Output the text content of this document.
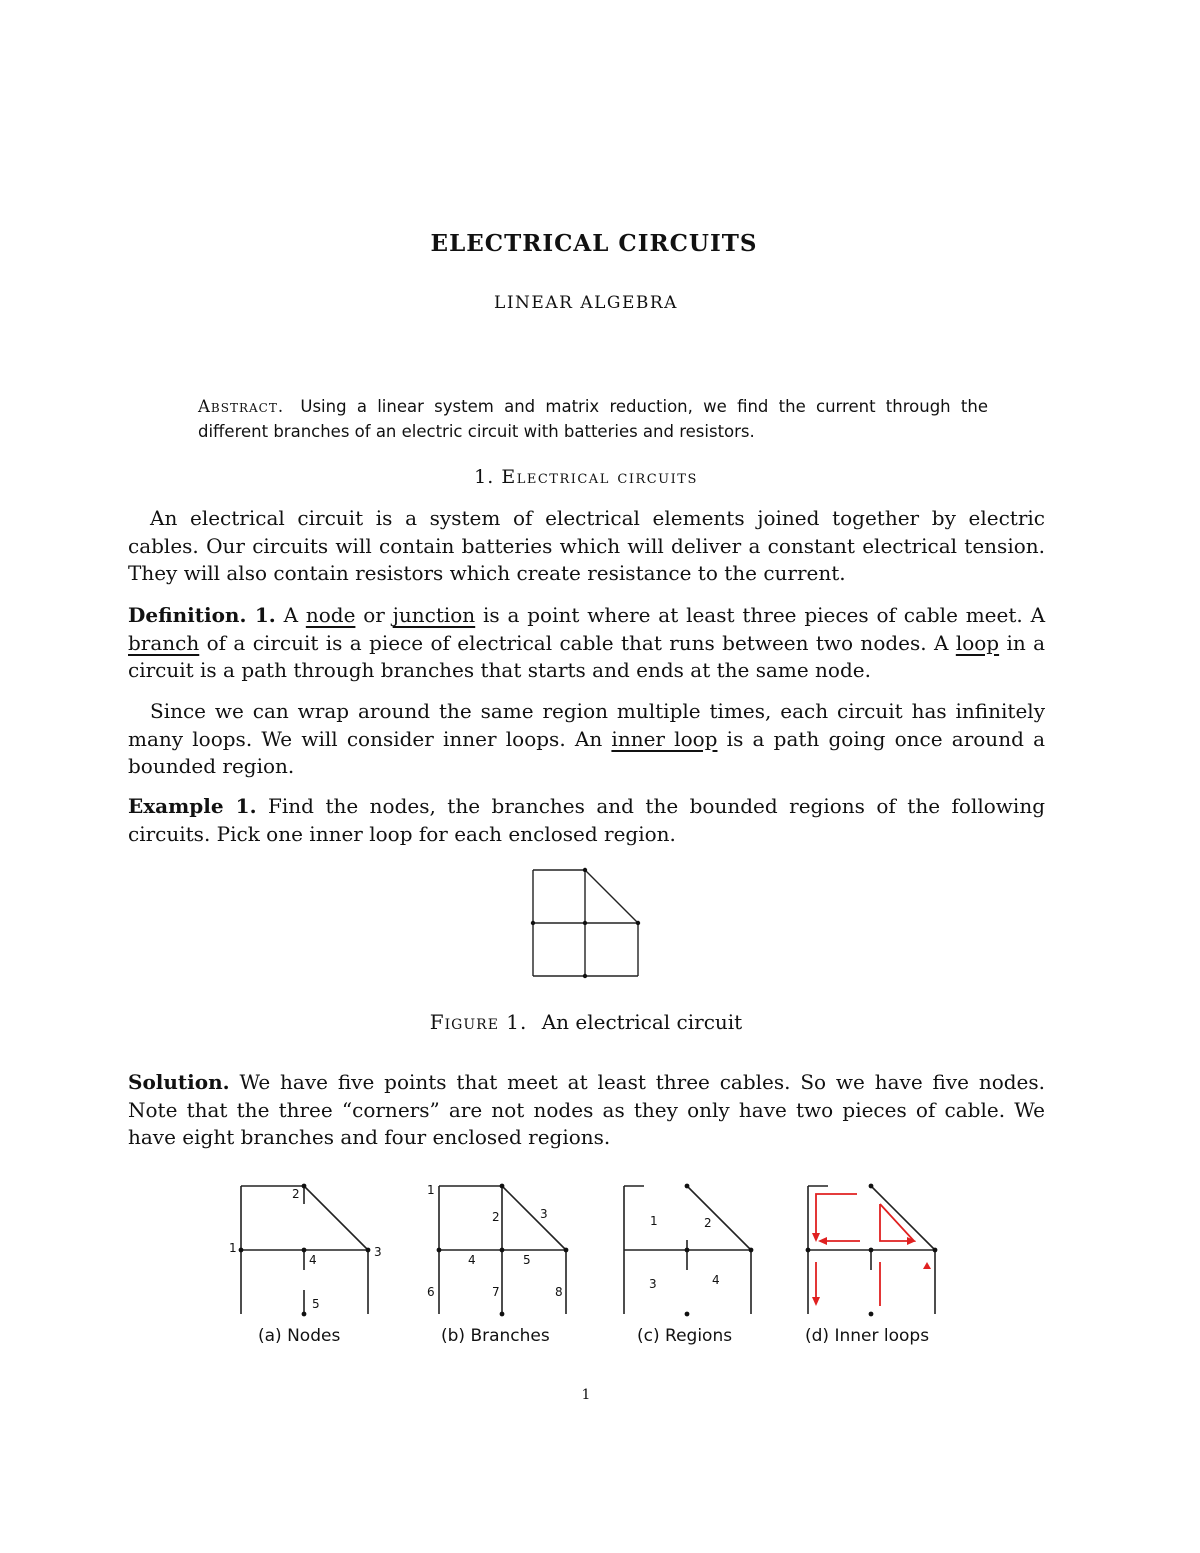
ELECTRICAL CIRCUITS
LINEAR ALGEBRA
Abstract. Using a linear system and matrix reduction, we find the current through the different branches of an electric circuit with batteries and resistors.
1. Electrical circuits
An electrical circuit is a system of electrical elements joined together by electric cables. Our circuits will contain batteries which will deliver a constant electrical tension. They will also contain resistors which create resistance to the current.
Definition. 1. A node or junction is a point where at least three pieces of cable meet. A branch of a circuit is a piece of electrical cable that runs between two nodes. A loop in a circuit is a path through branches that starts and ends at the same node.
Since we can wrap around the same region multiple times, each circuit has infinitely many loops. We will consider inner loops. An inner loop is a path going once around a bounded region.
Example 1. Find the nodes, the branches and the bounded regions of the following circuits. Pick one inner loop for each enclosed region.
Figure 1. An electrical circuit
Solution. We have five points that meet at least three cables. So we have five nodes. Note that the three “corners” are not nodes as they only have two pieces of cable. We have eight branches and four enclosed regions.
1
2
3
4
5
1
2	3
4	5
6	7	8
1	2
3	4
(a) Nodes	(b) Branches	(c) Regions	(d) Inner loops
1
